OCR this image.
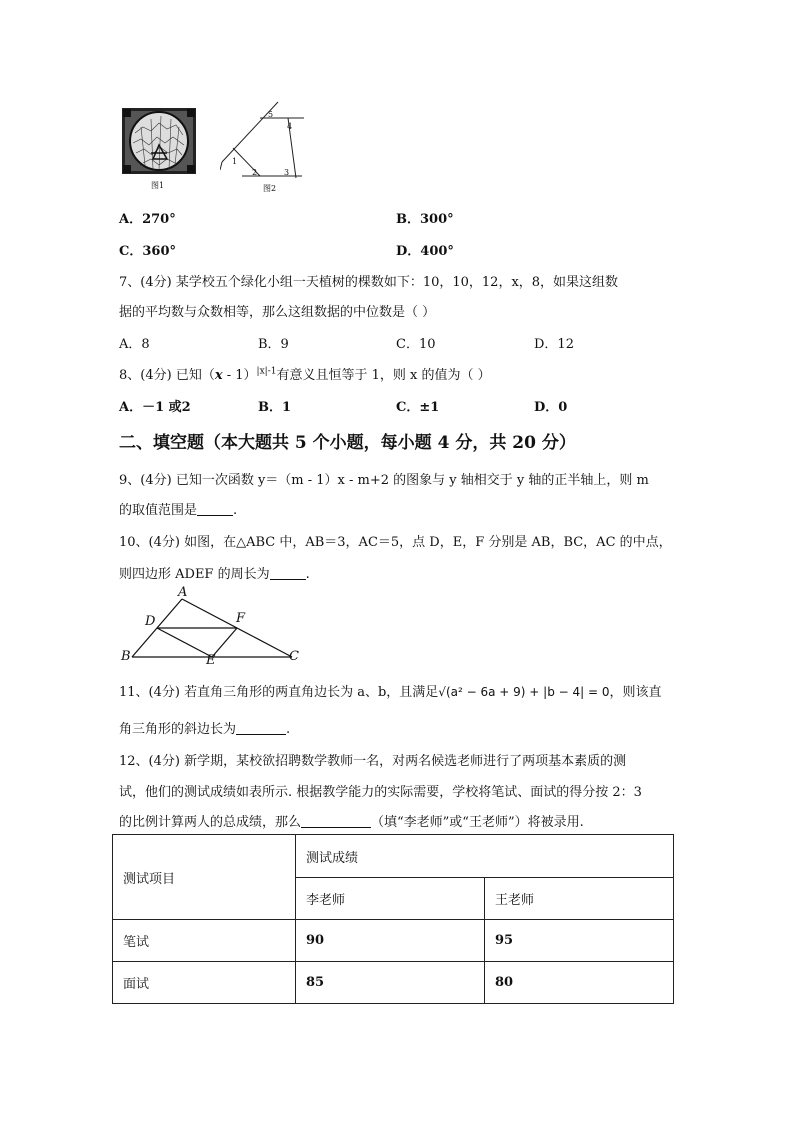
图1
5
4
1
2	3
图2
A．270°	B．300°
C．360°	D．400°
7、(4分) 某学校五个绿化小组一天植树的棵数如下：10，10，12，x，8，如果这组数
据的平均数与众数相等，那么这组数据的中位数是（ ）
A．8	B．9	C．10	D．12
8、(4分) 已知（x - 1）$^{|x|-1}$有意义且恒等于 1，则 x 的值为（ ）
A．－1 或2	B．1	C．±1	D．0
二、填空题（本大题共 5 个小题，每小题 4 分，共 20 分）
9、(4分) 已知一次函数 y＝（m - 1）x - m+2 的图象与 y 轴相交于 y 轴的正半轴上，则 m
的取值范围是	.
10、(4分) 如图，在△ABC 中，AB＝3，AC＝5，点 D，E，F 分别是 AB，BC，AC 的中点，
则四边形 ADEF 的周长为	.
A
D	F
B	E	C
11、(4分) 若直角三角形的两直角边长为 a、b，且满足√(a² − 6a + 9) + |b − 4| = 0，则该直
角三角形的斜边长为	.
12、(4分) 新学期，某校欲招聘数学教师一名，对两名候选老师进行了两项基本素质的测
试，他们的测试成绩如表所示. 根据教学能力的实际需要，学校将笔试、面试的得分按 2：3
的比例计算两人的总成绩，那么	（填“李老师”或“王老师”）将被录用.
测试项目	测试成绩	
	李老师	王老师
笔试	90	95
面试	85	80
